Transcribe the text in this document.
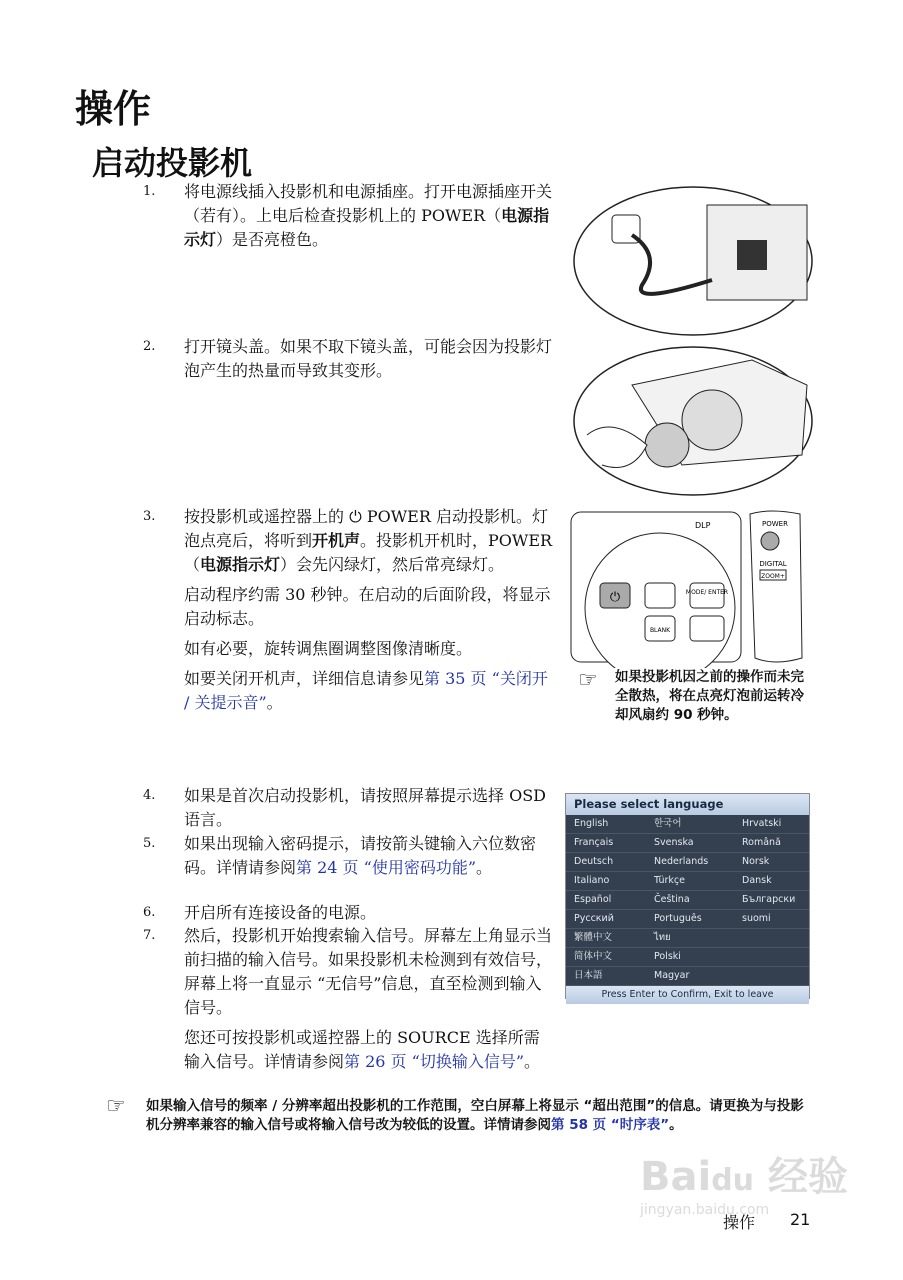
操作
启动投影机
1. 将电源线插入投影机和电源插座。打开电源插座开关（若有）。上电后检查投影机上的 POWER（电源指示灯）是否亮橙色。
2. 打开镜头盖。如果不取下镜头盖，可能会因为投影灯泡产生的热量而导致其变形。
3. 按投影机或遥控器上的 ⏻ POWER 启动投影机。灯泡点亮后，将听到开机声。投影机开机时，POWER（电源指示灯）会先闪绿灯，然后常亮绿灯。

启动程序约需 30 秒钟。在启动的后面阶段，将显示启动标志。

如有必要，旋转调焦圈调整图像清晰度。

如要关闭开机声，详细信息请参见第 35 页 “关闭开 / 关提示音”。

4. 如果是首次启动投影机，请按照屏幕提示选择 OSD 语言。
5. 如果出现输入密码提示，请按箭头键输入六位数密码。详情请参阅第 24 页 “使用密码功能”。
6. 开启所有连接设备的电源。
7. 然后，投影机开始搜索输入信号。屏幕左上角显示当前扫描的输入信号。如果投影机未检测到有效信号，屏幕上将一直显示 “无信号”信息，直至检测到输入信号。

您还可按投影机或遥控器上的 SOURCE 选择所需输入信号。详情请参阅第 26 页 “切换输入信号”。

⏻	MODE/ ENTER
BLANK
DLP	POWER
DIGITAL
ZOOM+
☞ 如果投影机因之前的操作而未完全散热，将在点亮灯泡前运转冷却风扇约 90 秒钟。
Please select language
English	한국어	Hrvatski
Français	Svenska	Română
Deutsch	Nederlands	Norsk
Italiano	Türkçe	Dansk
Español	Čeština	Български
Русский	Português	suomi
繁體中文	ไทย
简体中文	Polski
日本語	Magyar
Press Enter to Confirm, Exit to leave
☞ 如果输入信号的频率 / 分辨率超出投影机的工作范围，空白屏幕上将显示 “超出范围”的信息。请更换为与投影机分辨率兼容的输入信号或将输入信号改为较低的设置。详情请参阅第 58 页 “时序表”。
Baidu 经验
jingyan.baidu.com
操作 21
